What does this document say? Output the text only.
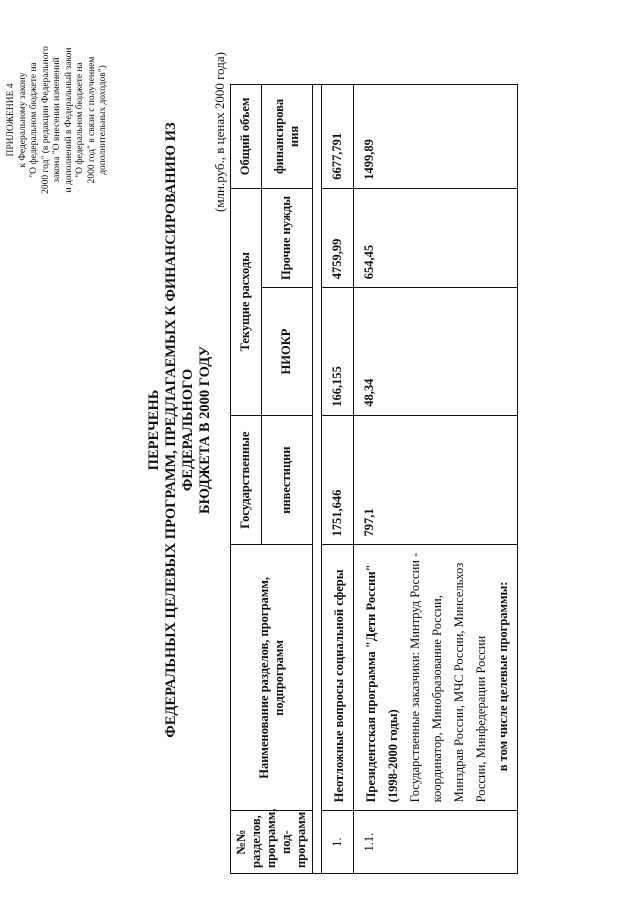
ПРИЛОЖЕНИЕ 4 к Федеральному закону "О федеральном бюджете на 2000 год" (в редакции Федерального закона "О внесении изменений и дополнений в Федеральный закон "О федеральном бюджете на 2000 год" в связи с получением дополнительных доходов")
ПЕРЕЧЕНЬ ФЕДЕРАЛЬНЫХ ЦЕЛЕВЫХ ПРОГРАММ, ПРЕДЛАГАЕМЫХ К ФИНАНСИРОВАНИЮ ИЗ ФЕДЕРАЛЬНОГО БЮДЖЕТА В 2000 ГОДУ
(млн.руб., в ценах 2000 года)
№№ разделов, программ, под-программ	Наименование разделов, программ, подпрограмм	Государственные	Текущие расходы		Общий объем
		инвестиции	НИОКР	Прочие нужды	финансирова ния

1.	Неотложные вопросы социальной сферы	1751,646	166,155	4759,99	6677,791
1.1.	Президентская программа "Дети России" (1998-2000 годы) Государственные заказчики: Минтруд России - координатор, Минобразование России, Минздрав России, МЧС России, Минсельхоз России, Минфедерации России в том числе целевые программы:	797,1	48,34	654,45	1499,89
